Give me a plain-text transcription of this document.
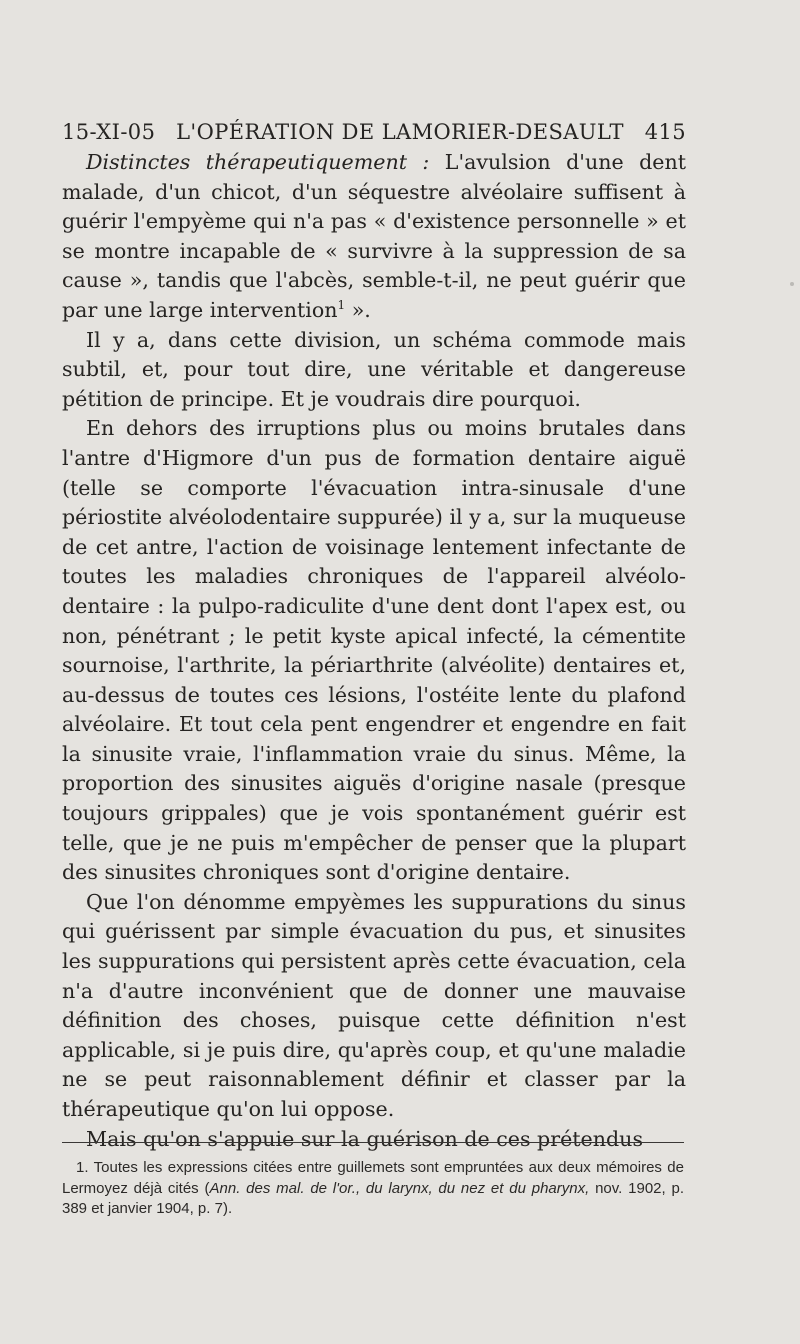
15-XI-05 L'OPÉRATION DE LAMORIER-DESAULT 415

Distinctes thérapeutiquement : L'avulsion d'une dent malade, d'un chicot, d'un séquestre alvéolaire suffisent à guérir l'empyème qui n'a pas « d'existence personnelle » et se montre incapable de « survivre à la suppression de sa cause », tandis que l'abcès, semble-t-il, ne peut guérir que par une large intervention$^1$ ».

Il y a, dans cette division, un schéma commode mais subtil, et, pour tout dire, une véritable et dangereuse pétition de principe. Et je voudrais dire pourquoi.

En dehors des irruptions plus ou moins brutales dans l'antre d'Higmore d'un pus de formation dentaire aiguë (telle se comporte l'évacuation intra-sinusale d'une périostite alvéolodentaire suppurée) il y a, sur la muqueuse de cet antre, l'action de voisinage lentement infectante de toutes les maladies chroniques de l'appareil alvéolo-dentaire : la pulpo-radiculite d'une dent dont l'apex est, ou non, pénétrant ; le petit kyste apical infecté, la cémentite sournoise, l'arthrite, la périarthrite (alvéolite) dentaires et, au-dessus de toutes ces lésions, l'ostéite lente du plafond alvéolaire. Et tout cela pent engendrer et engendre en fait la sinusite vraie, l'inflammation vraie du sinus. Même, la proportion des sinusites aiguës d'origine nasale (presque toujours grippales) que je vois spontanément guérir est telle, que je ne puis m'empêcher de penser que la plupart des sinusites chroniques sont d'origine dentaire.

Que l'on dénomme empyèmes les suppurations du sinus qui guérissent par simple évacuation du pus, et sinusites les suppurations qui persistent après cette évacuation, cela n'a d'autre inconvénient que de donner une mauvaise définition des choses, puisque cette définition n'est applicable, si je puis dire, qu'après coup, et qu'une maladie ne se peut raisonnablement définir et classer par la thérapeutique qu'on lui oppose.

Mais qu'on s'appuie sur la guérison de ces prétendus

1. Toutes les expressions citées entre guillemets sont empruntées aux deux mémoires de Lermoyez déjà cités (Ann. des mal. de l'or., du larynx, du nez et du pharynx, nov. 1902, p. 389 et janvier 1904, p. 7).
